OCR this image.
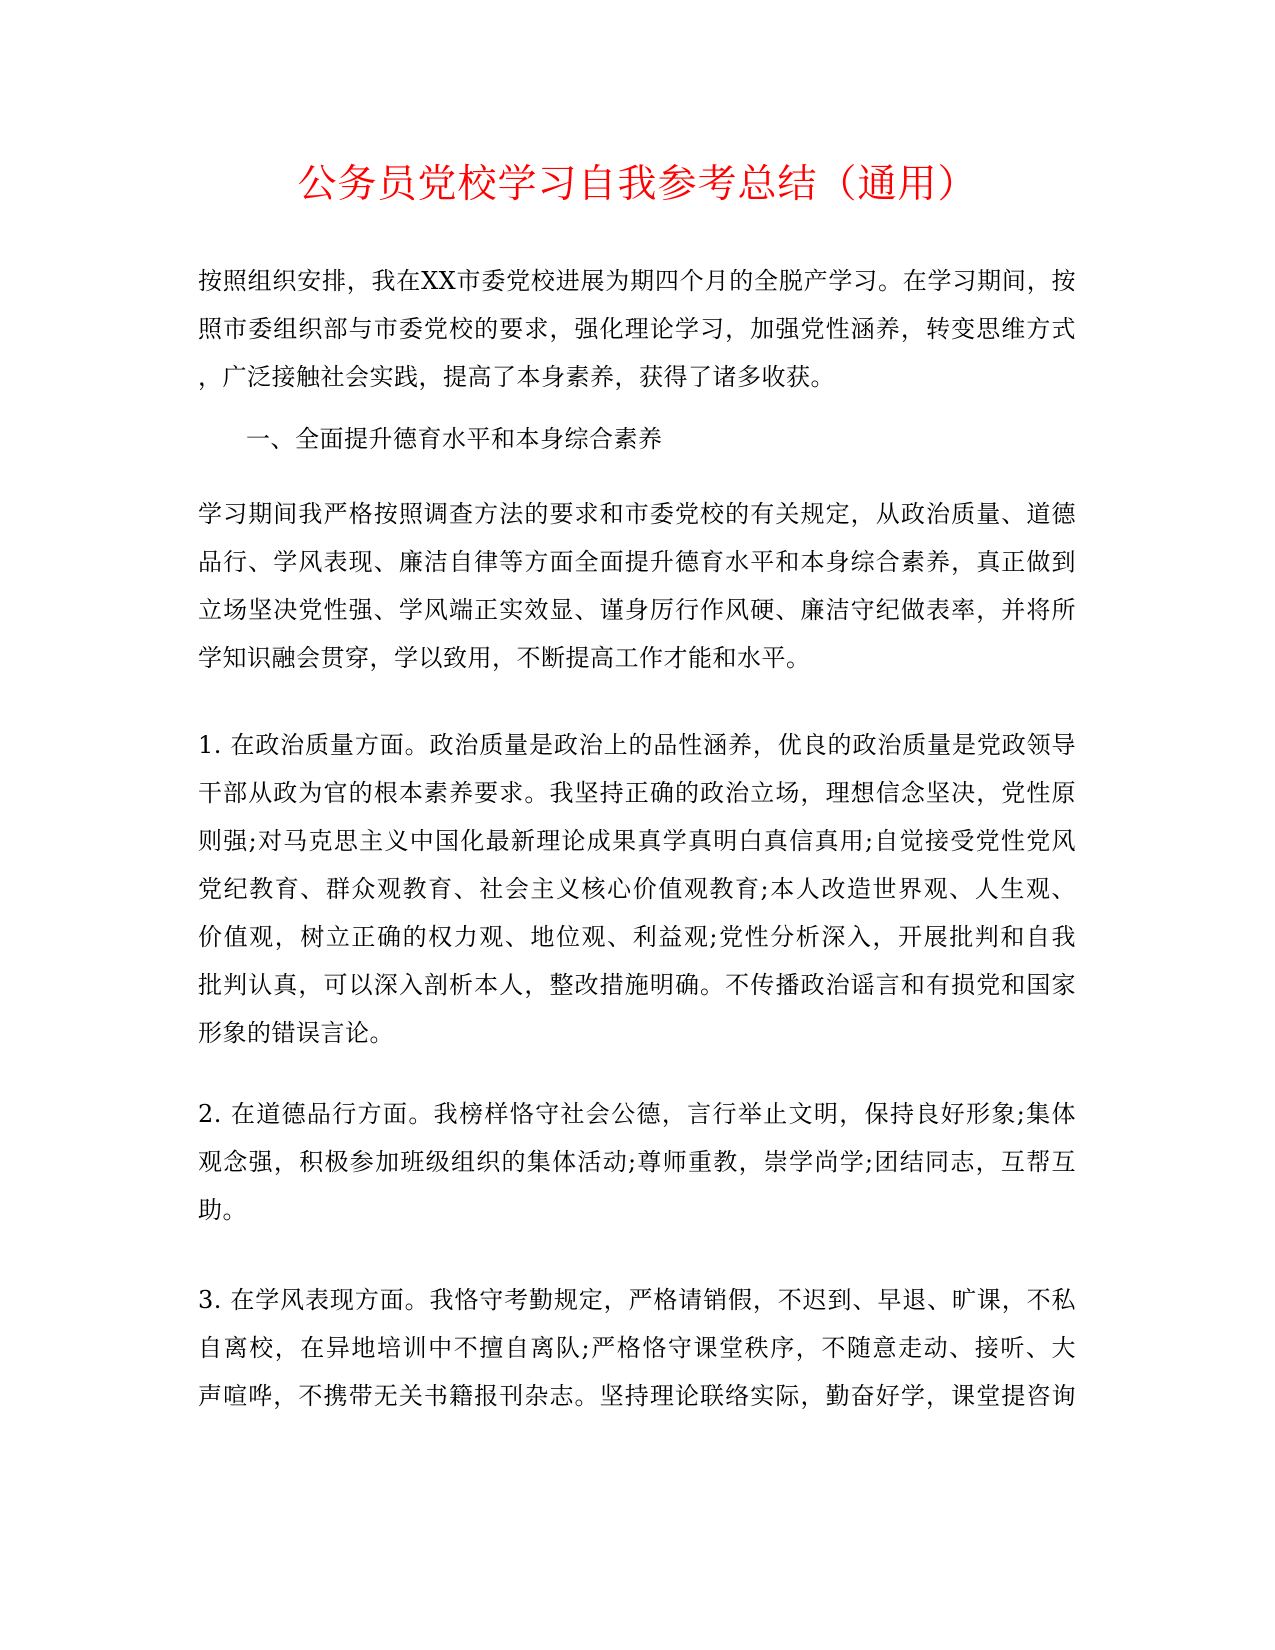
公务员党校学习自我参考总结（通用）
按照组织安排，我在XX市委党校进展为期四个月的全脱产学习。在学习期间，按
照市委组织部与市委党校的要求，强化理论学习，加强党性涵养，转变思维方式
，广泛接触社会实践，提高了本身素养，获得了诸多收获。
一、全面提升德育水平和本身综合素养
学习期间我严格按照调查方法的要求和市委党校的有关规定，从政治质量、道德
品行、学风表现、廉洁自律等方面全面提升德育水平和本身综合素养，真正做到
立场坚决党性强、学风端正实效显、谨身厉行作风硬、廉洁守纪做表率，并将所
学知识融会贯穿，学以致用，不断提高工作才能和水平。
1. 在政治质量方面。政治质量是政治上的品性涵养，优良的政治质量是党政领导
干部从政为官的根本素养要求。我坚持正确的政治立场，理想信念坚决，党性原
则强;对马克思主义中国化最新理论成果真学真明白真信真用;自觉接受党性党风
党纪教育、群众观教育、社会主义核心价值观教育;本人改造世界观、人生观、
价值观，树立正确的权力观、地位观、利益观;党性分析深入，开展批判和自我
批判认真，可以深入剖析本人，整改措施明确。不传播政治谣言和有损党和国家
形象的错误言论。
2. 在道德品行方面。我榜样恪守社会公德，言行举止文明，保持良好形象;集体
观念强，积极参加班级组织的集体活动;尊师重教，崇学尚学;团结同志，互帮互
助。
3. 在学风表现方面。我恪守考勤规定，严格请销假，不迟到、早退、旷课，不私
自离校，在异地培训中不擅自离队;严格恪守课堂秩序，不随意走动、接听、大
声喧哗，不携带无关书籍报刊杂志。坚持理论联络实际，勤奋好学，课堂提咨询
